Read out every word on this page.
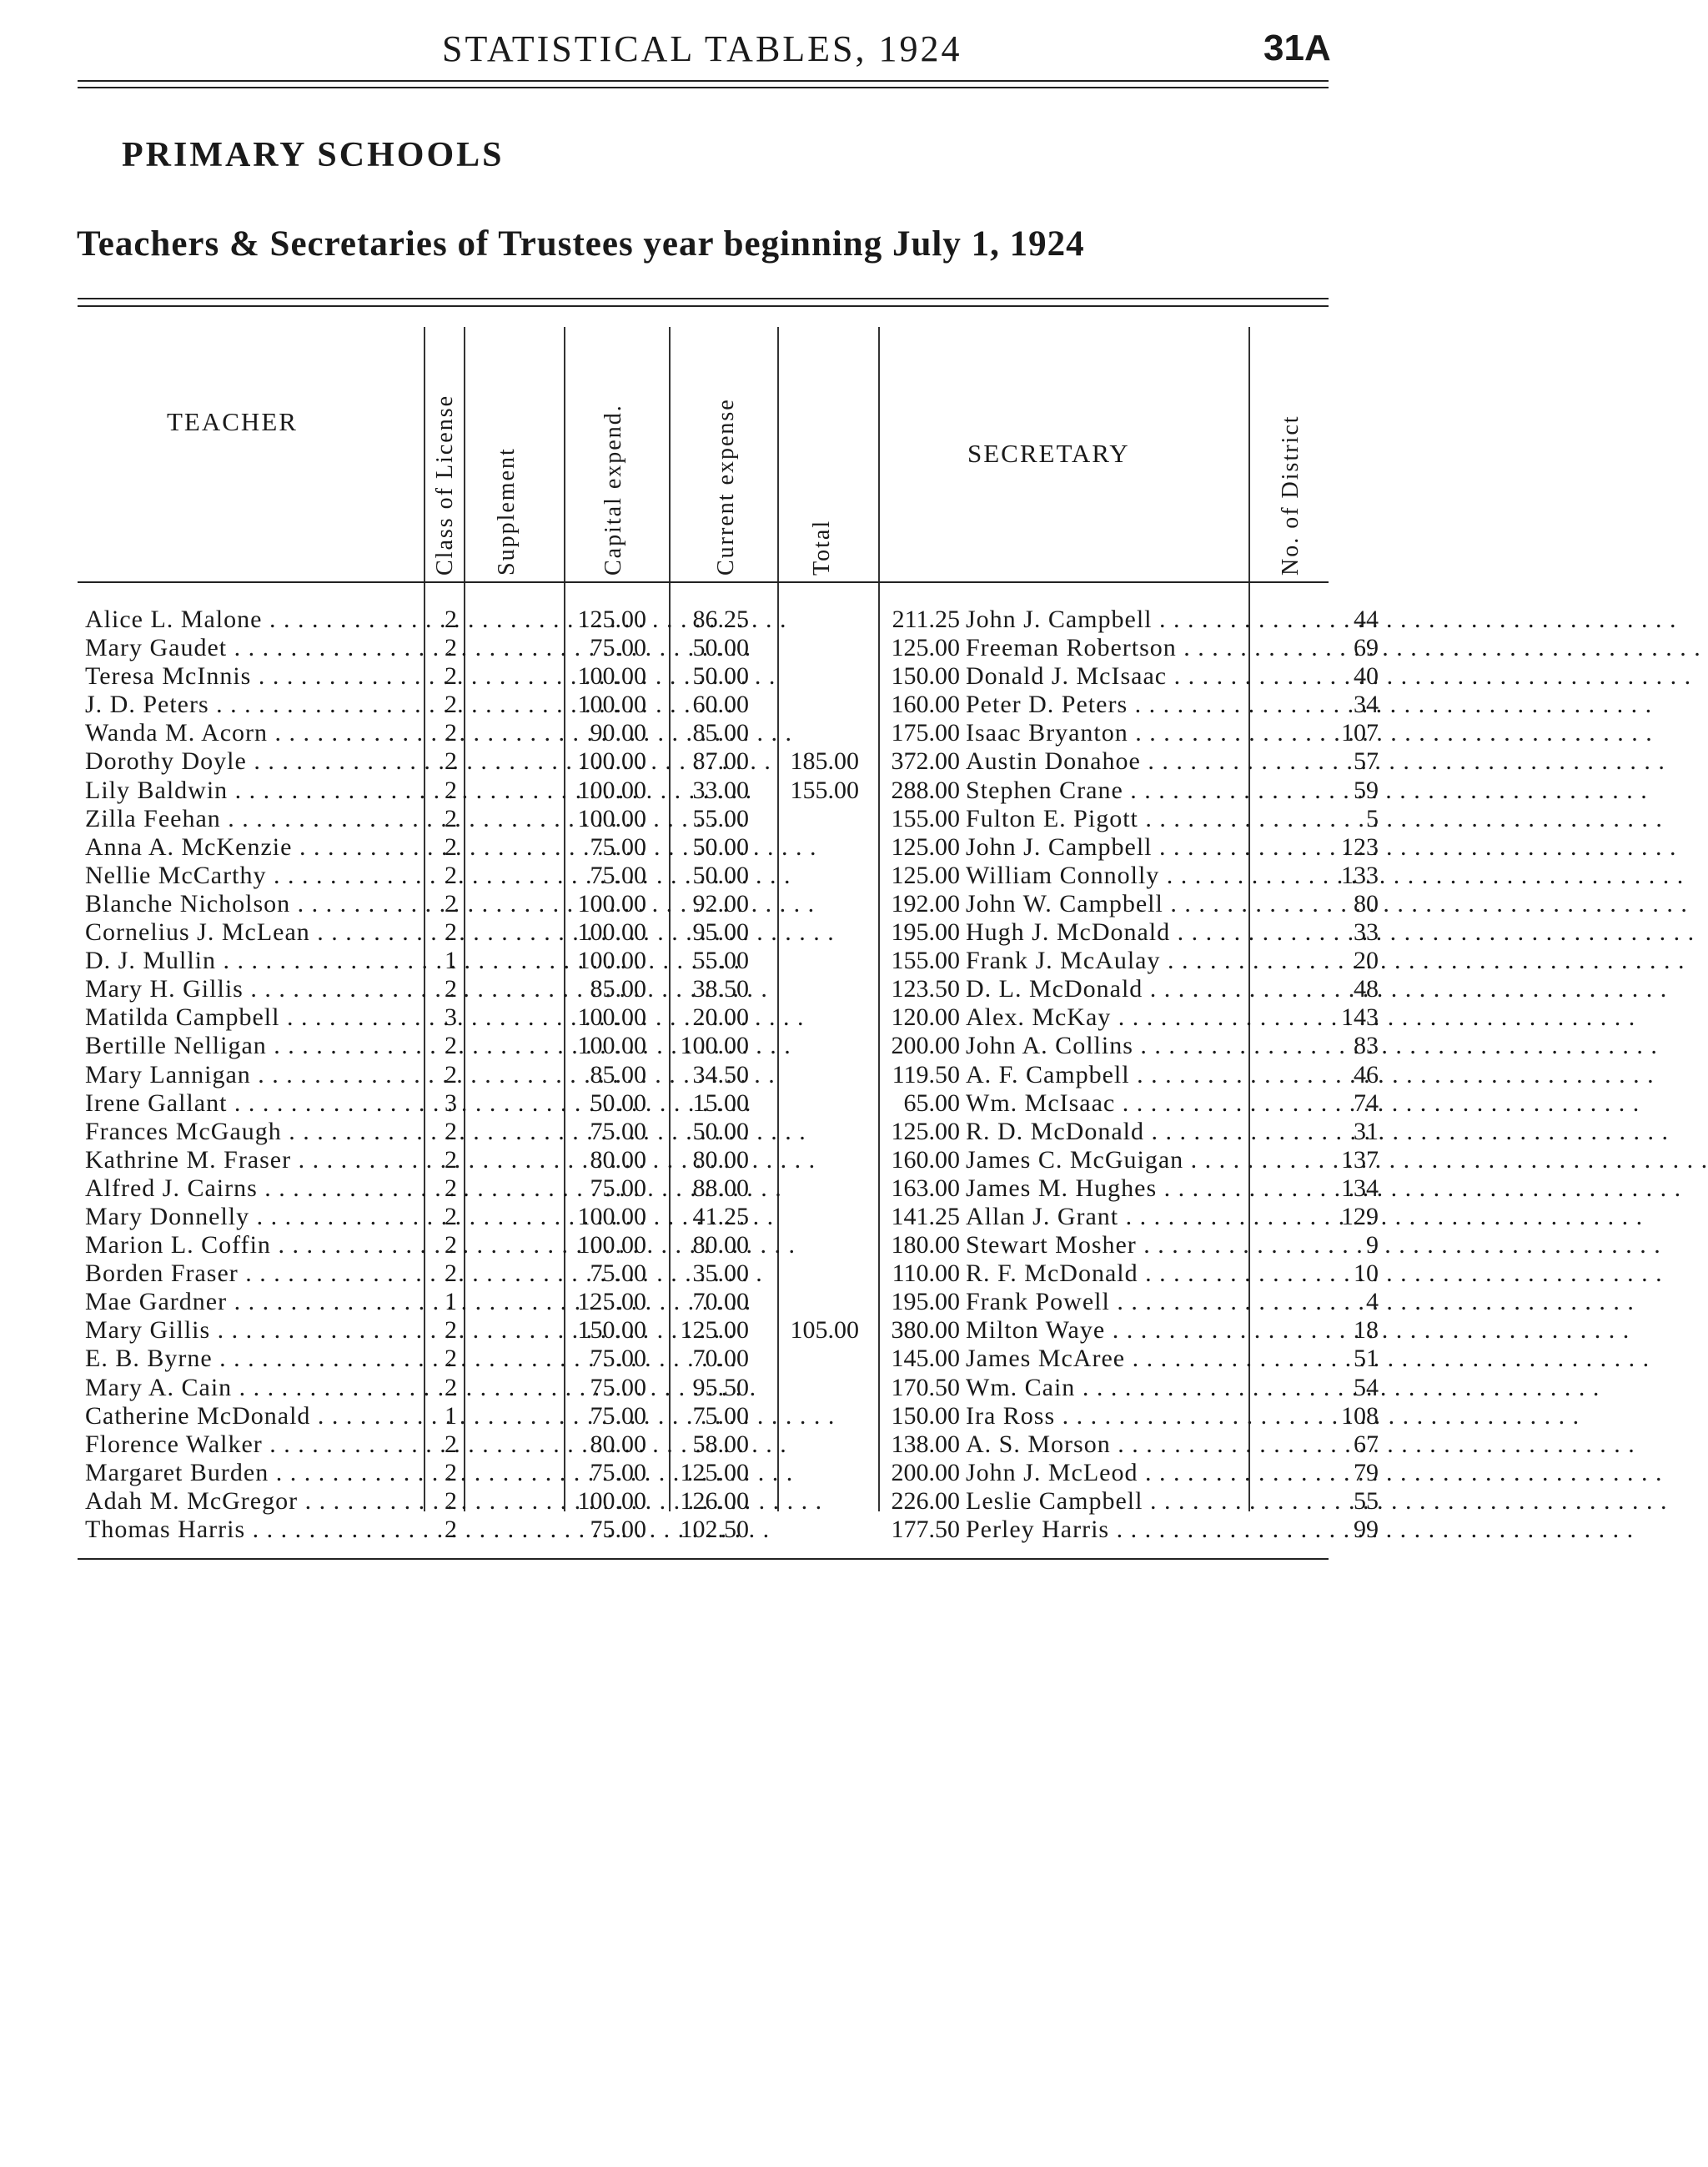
STATISTICAL TABLES, 1924	31A
PRIMARY SCHOOLS
Teachers & Secretaries of Trustees year beginning July 1, 1924
TEACHER	Class of License Supplement	Capital expend.	Current expense	Total
SECRETARY	No. of District
Alice L. Malone . . .	2	125.00	86.25	211.25 John J. Campbell . . .	44
Mary Gaudet . . .	2	75.00	50.00	125.00 Freeman Robertson . . .	69
Teresa McInnis . . .	2	100.00	50.00	150.00 Donald J. McIsaac . . .	40
J. D. Peters . . .	2	100.00	60.00	160.00 Peter D. Peters . . .	34
Wanda M. Acorn . . .	2	90.00	85.00	175.00 Isaac Bryanton . . .	107
Dorothy Doyle . . .	2	100.00	87.00	185.00	372.00 Austin Donahoe . . .	57
Lily Baldwin . . .	2	100.00	33.00	155.00	288.00 Stephen Crane . . .	59
Zilla Feehan . . .	2	100.00	55.00	155.00 Fulton E. Pigott . . .	5
Anna A. McKenzie . . .	2	75.00	50.00	125.00 John J. Campbell . . .	123
Nellie McCarthy . . .	2	75.00	50.00	125.00 William Connolly . . .	133
Blanche Nicholson . . .	2	100.00	92.00	192.00 John W. Campbell . . .	80
Cornelius J. McLean . . .	2	100.00	95.00	195.00 Hugh J. McDonald . . .	33
D. J. Mullin . . .	1	100.00	55.00	155.00 Frank J. McAulay . . .	20
Mary H. Gillis . . .	2	85.00	38.50	123.50 D. L. McDonald . . .	48
Matilda Campbell . . .	3	100.00	20.00	120.00 Alex. McKay . . .	143
Bertille Nelligan . . .	2	100.00	100.00	200.00 John A. Collins . . .	83
Mary Lannigan . . .	2	85.00	34.50	119.50 A. F. Campbell . . .	46
Irene Gallant . . .	3	50.00	15.00	65.00 Wm. McIsaac . . .	74
Frances McGaugh . . .	2	75.00	50.00	125.00 R. D. McDonald . . .	31
Kathrine M. Fraser . . .	2	80.00	80.00	160.00 James C. McGuigan . . .	137
Alfred J. Cairns . . .	2	75.00	88.00	163.00 James M. Hughes . . .	134
Mary Donnelly . . .	2	100.00	41.25	141.25 Allan J. Grant . . .	129
Marion L. Coffin . . .	2	100.00	80.00	180.00 Stewart Mosher . . .	9
Borden Fraser . . .	2	75.00	35.00	110.00 R. F. McDonald . . .	10
Mae Gardner . . .	1	125.00	70.00	195.00 Frank Powell . . .	4
Mary Gillis . . .	2	150.00	125.00	105.00	380.00 Milton Waye . . .	18
E. B. Byrne . . .	2	75.00	70.00	145.00 James McAree . . .	51
Mary A. Cain . . .	2	75.00	95.50	170.50 Wm. Cain . . .	54
Catherine McDonald . . .	1	75.00	75.00	150.00 Ira Ross . . .	108
Florence Walker . . .	2	80.00	58.00	138.00 A. S. Morson . . .	67
Margaret Burden . . .	2	75.00	125.00	200.00 John J. McLeod . . .	79
Adah M. McGregor . . .	2	100.00	126.00	226.00 Leslie Campbell . . .	55
Thomas Harris . . .	2	75.00	102.50	177.50 Perley Harris . . .	99
